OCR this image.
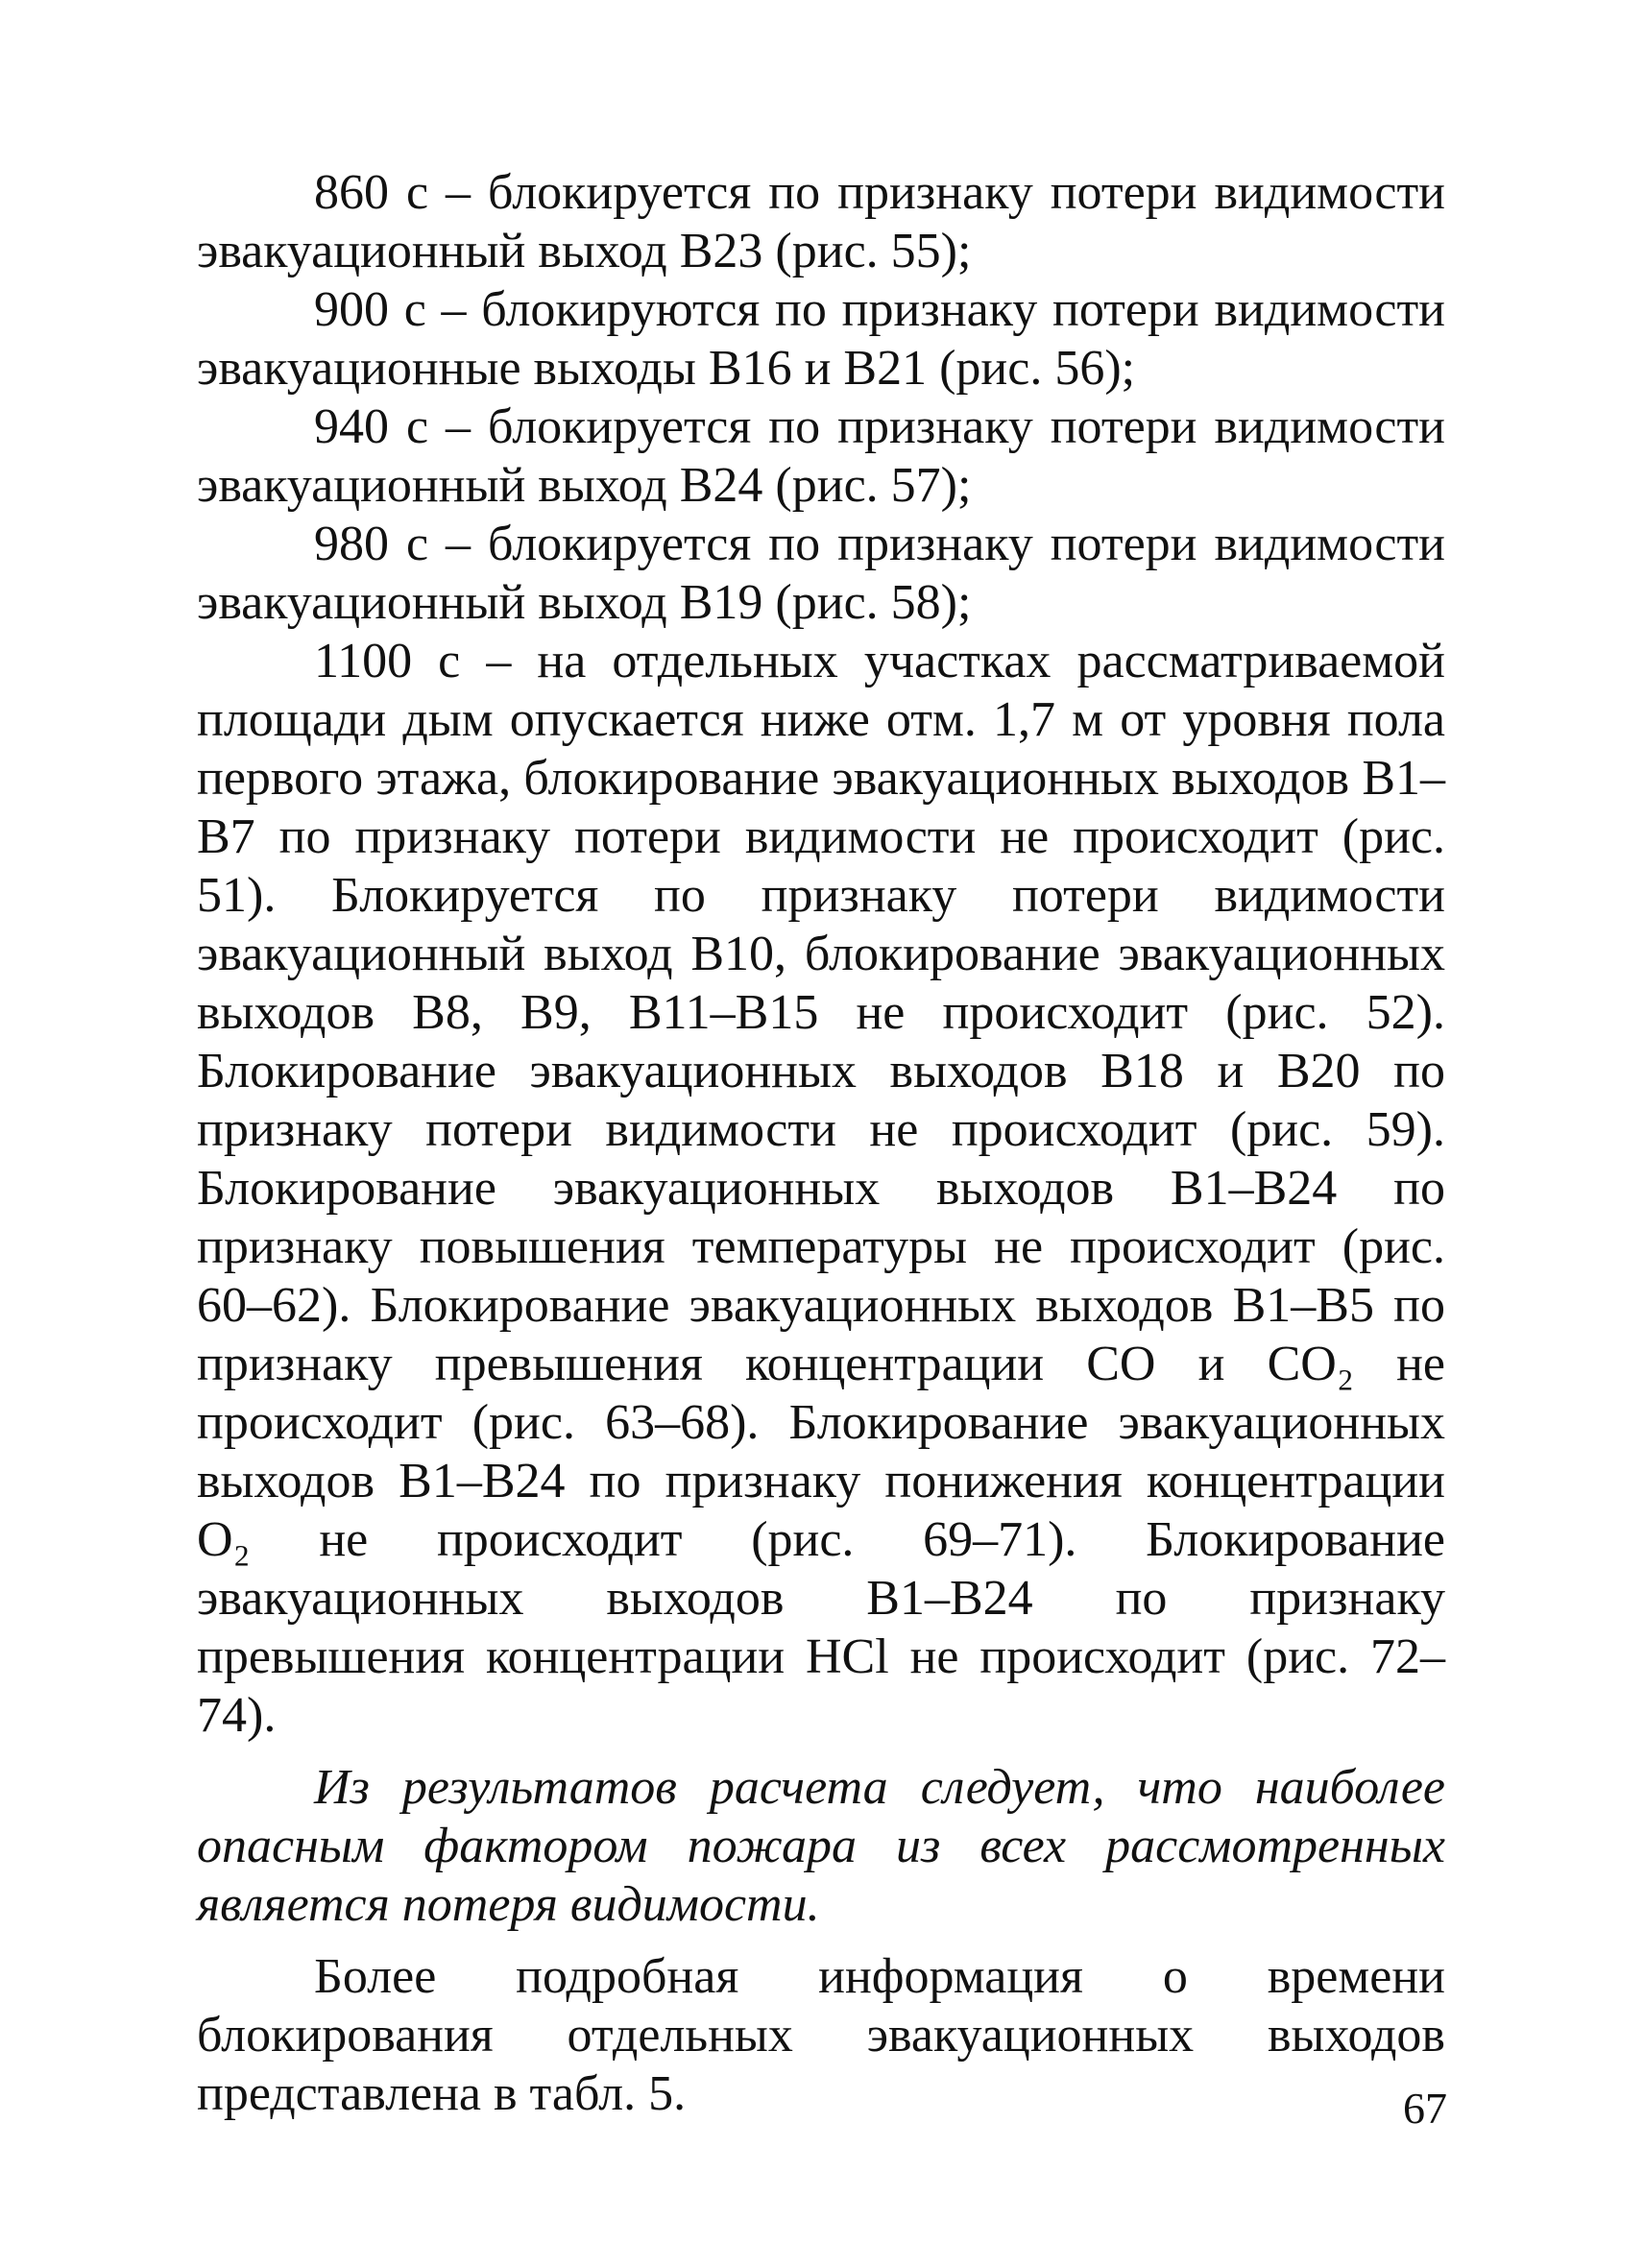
860 с – блокируется по признаку потери видимости эвакуационный выход В23 (рис. 55);

900 с – блокируются по признаку потери видимости эвакуационные выходы В16 и В21 (рис. 56);

940 с – блокируется по признаку потери видимости эвакуационный выход В24 (рис. 57);

980 с – блокируется по признаку потери видимости эвакуационный выход В19 (рис. 58);

1100 с – на отдельных участках рассматриваемой площади дым опускается ниже отм. 1,7 м от уровня пола первого этажа, блокирование эвакуационных выходов В1–В7 по признаку потери видимости не происходит (рис. 51). Блокируется по признаку потери видимости эвакуационный выход В10, блокирование эвакуационных выходов В8, В9, В11–В15 не происходит (рис. 52). Блокирование эвакуационных выходов В18 и В20 по признаку потери видимости не происходит (рис. 59). Блокирование эвакуационных выходов В1–В24 по признаку повышения температуры не происходит (рис. 60–62). Блокирование эвакуационных выходов В1–В5 по признаку превышения концентрации СО и СО₂ не происходит (рис. 63–68). Блокирование эвакуационных выходов В1–В24 по признаку понижения концентрации О₂ не происходит (рис. 69–71). Блокирование эвакуационных выходов В1–В24 по признаку превышения концентрации HCl не происходит (рис. 72–74).

Из результатов расчета следует, что наиболее опасным фактором пожара из всех рассмотренных является потеря видимости.

Более подробная информация о времени блокирования отдельных эвакуационных выходов представлена в табл. 5.	67
